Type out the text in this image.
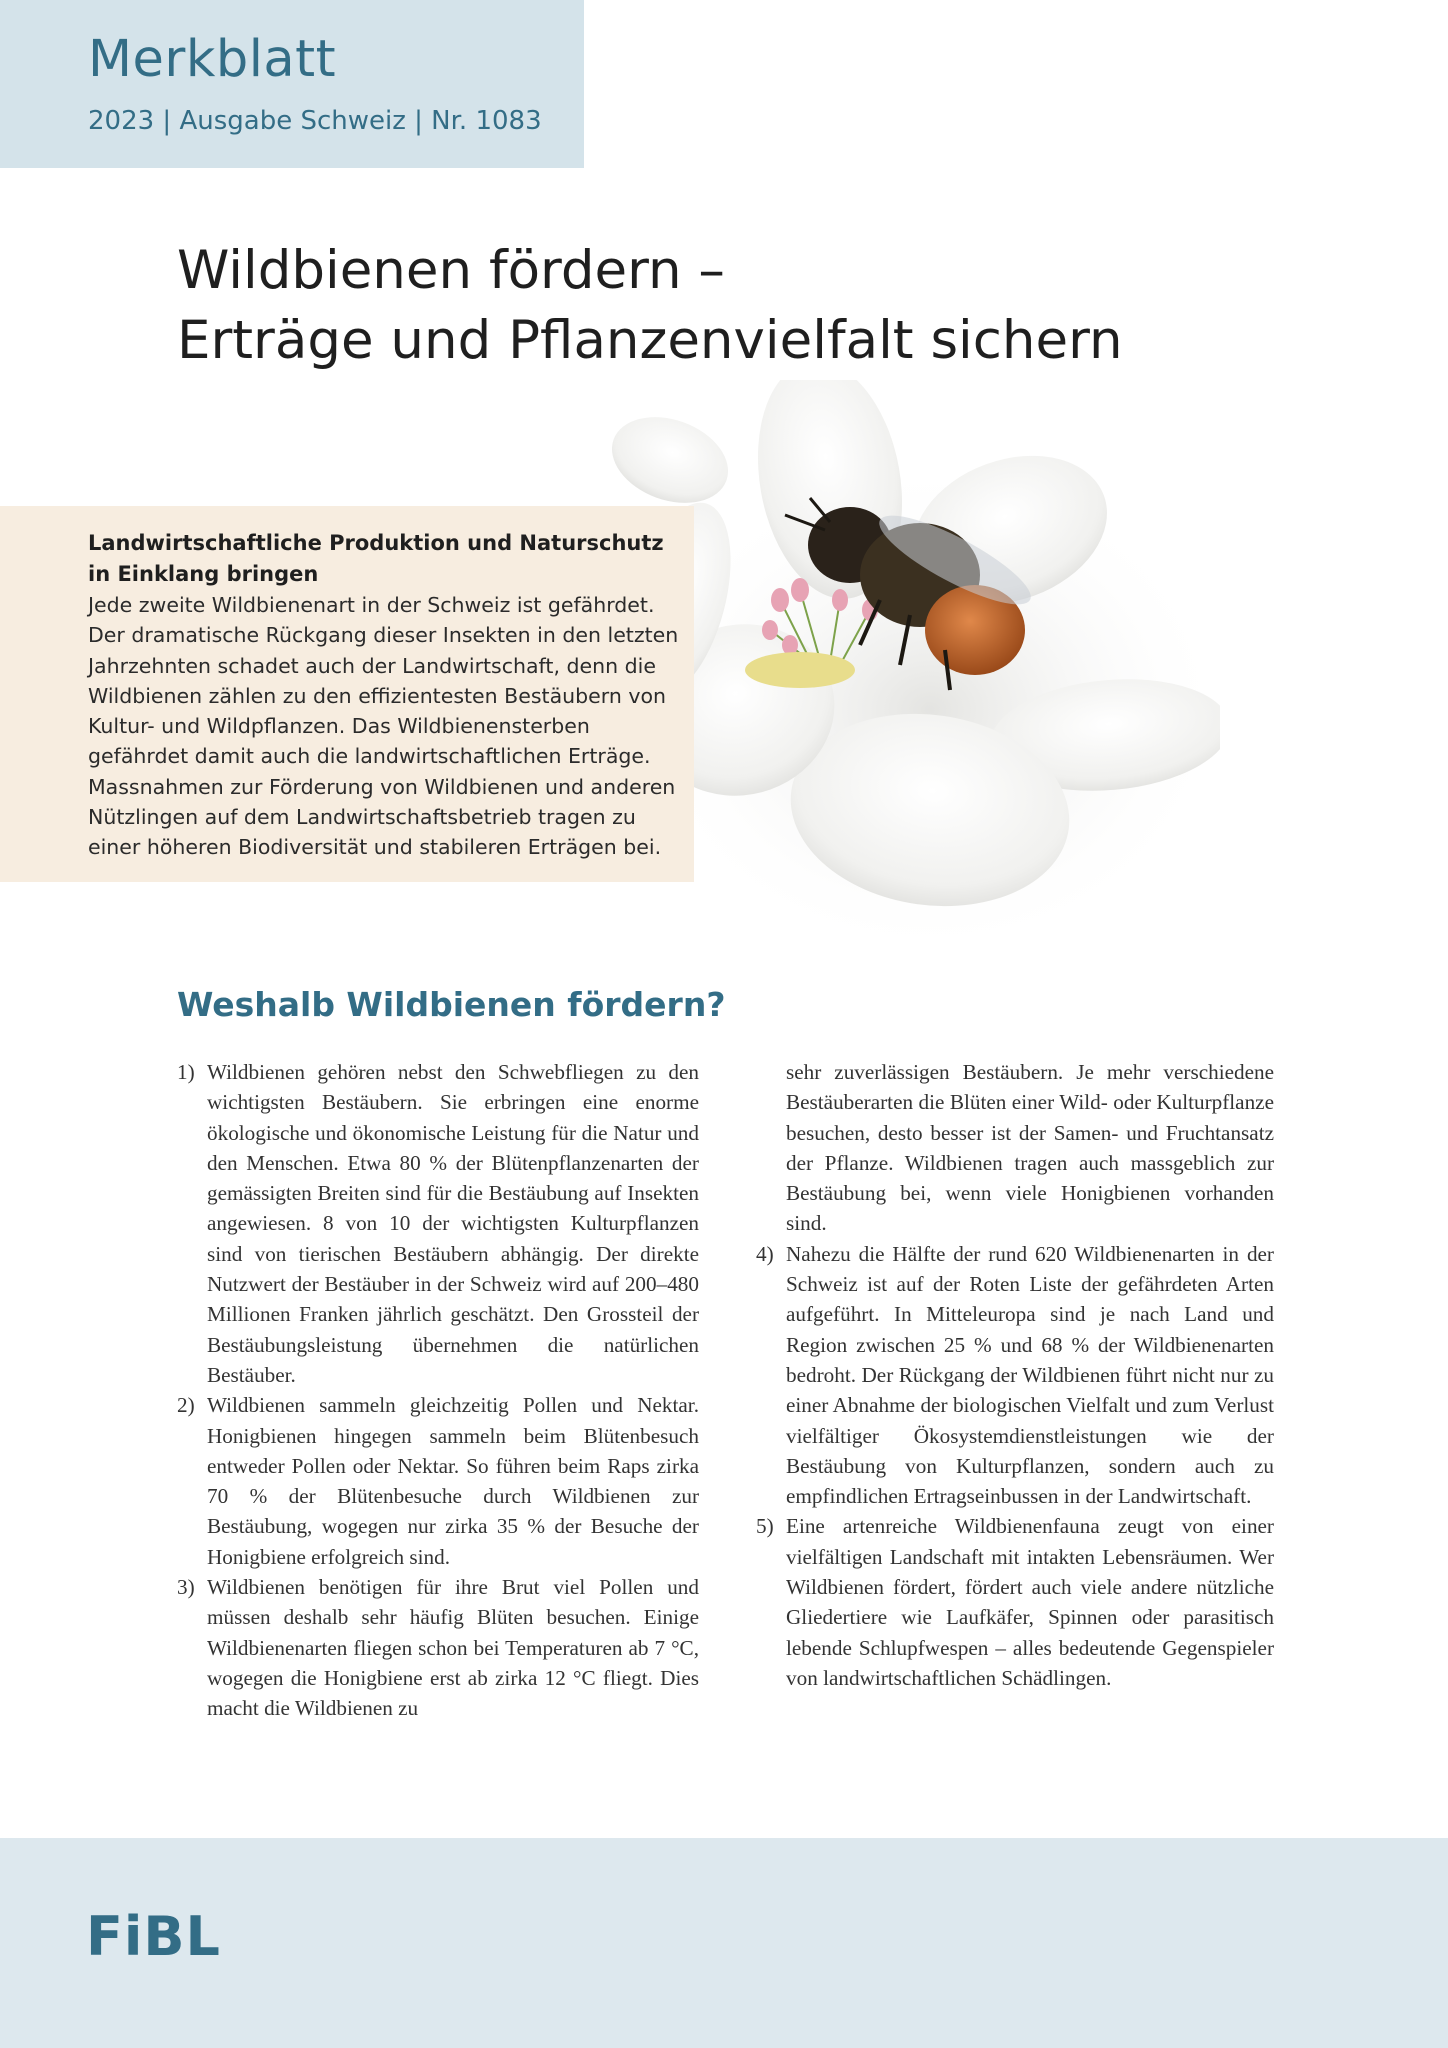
Merkblatt
2023 | Ausgabe Schweiz | Nr. 1083
Wildbienen fördern –
Erträge und Pflanzenvielfalt sichern
Landwirtschaftliche Produktion und Naturschutz in Einklang bringen

Jede zweite Wildbienenart in der Schweiz ist gefährdet. Der dramatische Rückgang dieser Insekten in den letzten Jahrzehnten schadet auch der Landwirtschaft, denn die Wildbienen zählen zu den effizientesten Bestäubern von Kultur- und Wildpflanzen. Das Wildbienensterben gefährdet damit auch die landwirtschaftlichen Erträge. Massnahmen zur Förderung von Wildbienen und anderen Nützlingen auf dem Landwirtschaftsbetrieb tragen zu einer höheren Biodiversität und stabileren Erträgen bei.

Weshalb Wildbienen fördern?
1) Wildbienen gehören nebst den Schwebfliegen zu den wichtigsten Bestäubern. Sie erbringen eine enorme ökologische und ökonomische Leistung für die Natur und den Menschen. Etwa 80 % der Blütenpflanzenarten der gemässigten Breiten sind für die Bestäubung auf Insekten angewiesen. 8 von 10 der wichtigsten Kulturpflanzen sind von tierischen Bestäubern abhängig. Der direkte Nutzwert der Bestäuber in der Schweiz wird auf 200–480 Millionen Franken jährlich geschätzt. Den Grossteil der Bestäubungsleistung übernehmen die natürlichen Bestäuber.
2) Wildbienen sammeln gleichzeitig Pollen und Nektar. Honigbienen hingegen sammeln beim Blütenbesuch entweder Pollen oder Nektar. So führen beim Raps zirka 70 % der Blütenbesuche durch Wildbienen zur Bestäubung, wogegen nur zirka 35 % der Besuche der Honigbiene erfolgreich sind.
3) Wildbienen benötigen für ihre Brut viel Pollen und müssen deshalb sehr häufig Blüten besuchen. Einige Wildbienenarten fliegen schon bei Temperaturen ab 7 °C, wogegen die Honigbiene erst ab zirka 12 °C fliegt. Dies macht die Wildbienen zu
sehr zuverlässigen Bestäubern. Je mehr verschiedene Bestäuberarten die Blüten einer Wild- oder Kulturpflanze besuchen, desto besser ist der Samen- und Fruchtansatz der Pflanze. Wildbienen tragen auch massgeblich zur Bestäubung bei, wenn viele Honigbienen vorhanden sind.
4) Nahezu die Hälfte der rund 620 Wildbienenarten in der Schweiz ist auf der Roten Liste der gefährdeten Arten aufgeführt. In Mitteleuropa sind je nach Land und Region zwischen 25 % und 68 % der Wildbienenarten bedroht. Der Rückgang der Wildbienen führt nicht nur zu einer Abnahme der biologischen Vielfalt und zum Verlust vielfältiger Ökosystemdienstleistungen wie der Bestäubung von Kulturpflanzen, sondern auch zu empfindlichen Ertragseinbussen in der Landwirtschaft.
5) Eine artenreiche Wildbienenfauna zeugt von einer vielfältigen Landschaft mit intakten Lebensräumen. Wer Wildbienen fördert, fördert auch viele andere nützliche Gliedertiere wie Laufkäfer, Spinnen oder parasitisch lebende Schlupfwespen – alles bedeutende Gegenspieler von landwirtschaftlichen Schädlingen.
FiBL
